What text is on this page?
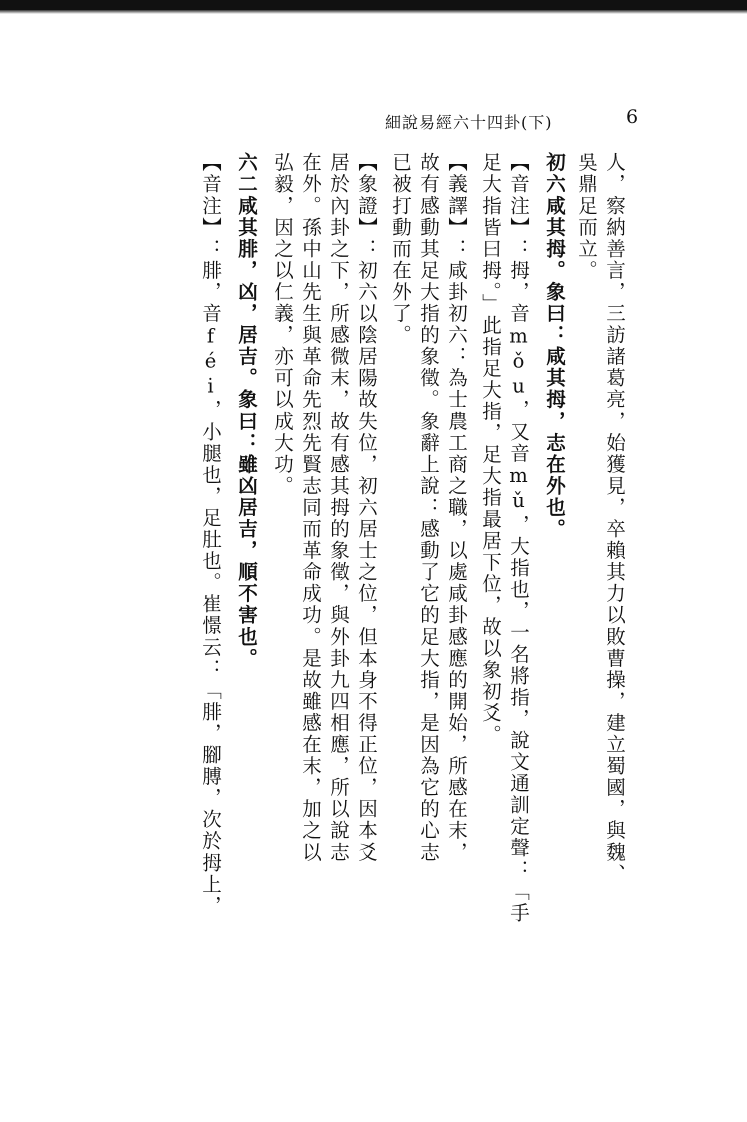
細說易經六十四卦(下)	6
人，察納善言，三訪諸葛亮，始獲見，卒賴其力以敗曹操，建立蜀國，與魏、
吳鼎足而立。
初六咸其拇。象曰：咸其拇，志在外也。
【音注】：拇，音mǒu，又音mǔ，大指也，一名將指，說文通訓定聲：「手
足大指皆曰拇。」此指足大指，足大指最居下位，故以象初爻。
【義譯】：咸卦初六：為士農工商之職，以處咸卦感應的開始，所感在末，
故有感動其足大指的象徵。象辭上說：感動了它的足大指，是因為它的心志
已被打動而在外了。
【象證】：初六以陰居陽故失位，初六居士之位，但本身不得正位，因本爻
居於內卦之下，所感微末，故有感其拇的象徵，與外卦九四相應，所以說志
在外。孫中山先生與革命先烈先賢志同而革命成功。是故雖感在末，加之以
弘毅，因之以仁義，亦可以成大功。
六二咸其腓，凶，居吉。象曰：雖凶居吉，順不害也。
【音注】：腓，音féi，小腿也，足肚也。崔憬云：「腓，腳膊，次於拇上，
